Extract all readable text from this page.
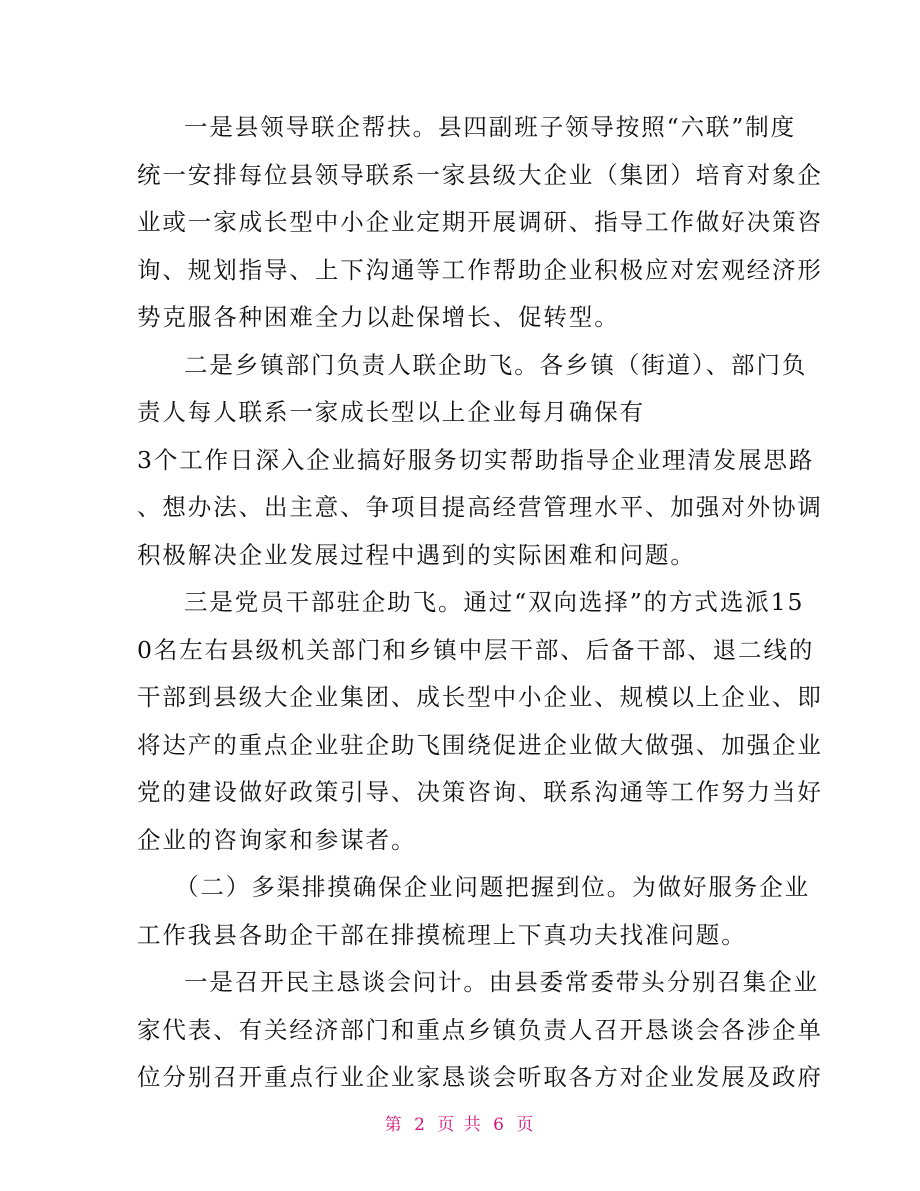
一是县领导联企帮扶。县四副班子领导按照“六联”制度
统一安排每位县领导联系一家县级大企业（集团）培育对象企
业或一家成长型中小企业定期开展调研、指导工作做好决策咨
询、规划指导、上下沟通等工作帮助企业积极应对宏观经济形
势克服各种困难全力以赴保增长、促转型。
二是乡镇部门负责人联企助飞。各乡镇（街道）、部门负
责人每人联系一家成长型以上企业每月确保有
3个工作日深入企业搞好服务切实帮助指导企业理清发展思路
、想办法、出主意、争项目提高经营管理水平、加强对外协调
积极解决企业发展过程中遇到的实际困难和问题。
三是党员干部驻企助飞。通过“双向选择”的方式选派15
0名左右县级机关部门和乡镇中层干部、后备干部、退二线的
干部到县级大企业集团、成长型中小企业、规模以上企业、即
将达产的重点企业驻企助飞围绕促进企业做大做强、加强企业
党的建设做好政策引导、决策咨询、联系沟通等工作努力当好
企业的咨询家和参谋者。
（二）多渠排摸确保企业问题把握到位。为做好服务企业
工作我县各助企干部在排摸梳理上下真功夫找准问题。
一是召开民主恳谈会问计。由县委常委带头分别召集企业
家代表、有关经济部门和重点乡镇负责人召开恳谈会各涉企单
位分别召开重点行业企业家恳谈会听取各方对企业发展及政府
第 2 页 共 6 页
